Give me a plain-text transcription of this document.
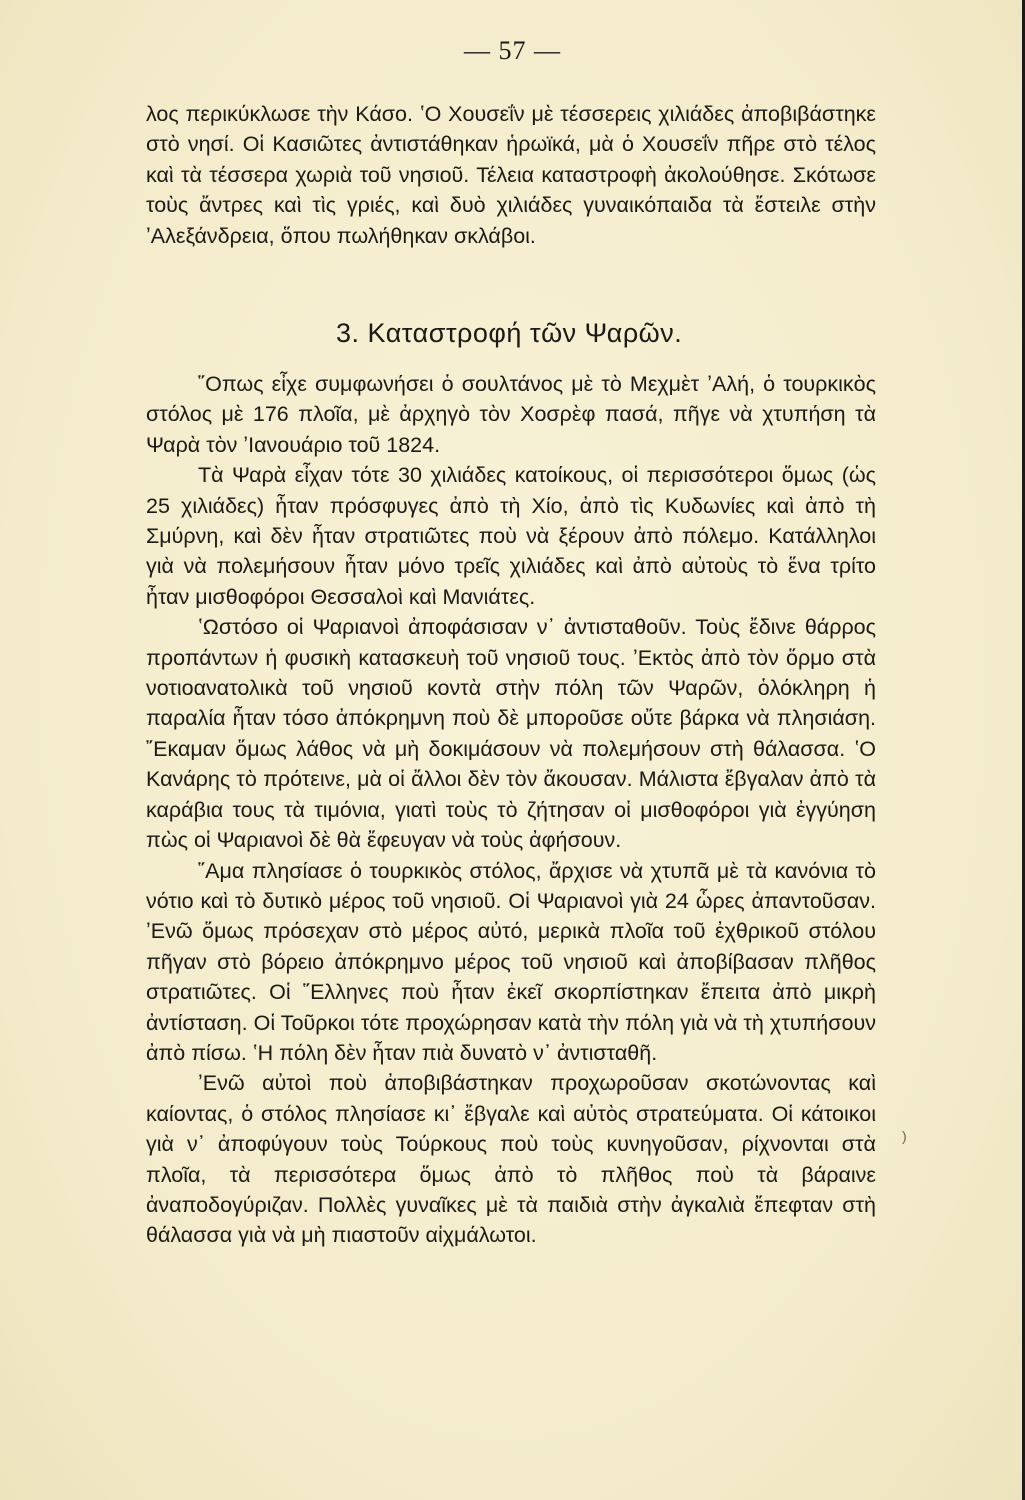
— 57 —

λος περικύκλωσε τὴν Κάσο. ʽΟ Χουσεΐν μὲ τέσσερεις χιλιάδες ἀποβιβάστηκε στὸ νησί. Οἱ Κασιῶτες ἀντιστάθηκαν ἡρωϊκά, μὰ ὁ Χουσεΐν πῆρε στὸ τέλος καὶ τὰ τέσσερα χωριὰ τοῦ νησιοῦ. Τέλεια καταστροφὴ ἀκολούθησε. Σκότωσε τοὺς ἄντρες καὶ τὶς γριές, καὶ δυὸ χιλιάδες γυναικόπαιδα τὰ ἔστειλε στὴν ʼΑλεξάνδρεια, ὅπου πωλήθηκαν σκλάβοι.

3. Καταστροφή τῶν Ψαρῶν.

῞Οπως εἶχε συμφωνήσει ὁ σουλτάνος μὲ τὸ Μεχμὲτ ʼΑλή, ὁ τουρκικὸς στόλος μὲ 176 πλοῖα, μὲ ἀρχηγὸ τὸν Χοσρὲφ πασά, πῆγε νὰ χτυπήση τὰ Ψαρὰ τὸν ʼΙανουάριο τοῦ 1824.

Τὰ Ψαρὰ εἶχαν τότε 30 χιλιάδες κατοίκους, οἱ περισσότεροι ὅμως (ὡς 25 χιλιάδες) ἦταν πρόσφυγες ἀπὸ τὴ Χίο, ἀπὸ τὶς Κυδωνίες καὶ ἀπὸ τὴ Σμύρνη, καὶ δὲν ἦταν στρατιῶτες ποὺ νὰ ξέρουν ἀπὸ πόλεμο. Κατάλληλοι γιὰ νὰ πολεμήσουν ἦταν μόνο τρεῖς χιλιάδες καὶ ἀπὸ αὐτοὺς τὸ ἕνα τρίτο ἦταν μισθοφόροι Θεσσαλοὶ καὶ Μανιάτες.

ʽΩστόσο οἱ Ψαριανοὶ ἀποφάσισαν ν᾿ ἀντισταθοῦν. Τοὺς ἔδινε θάρρος προπάντων ἡ φυσικὴ κατασκευὴ τοῦ νησιοῦ τους. ʼΕκτὸς ἀπὸ τὸν ὅρμο στὰ νοτιοανατολικὰ τοῦ νησιοῦ κοντὰ στὴν πόλη τῶν Ψαρῶν, ὁλόκληρη ἡ παραλία ἦταν τόσο ἀπόκρημνη ποὺ δὲ μποροῦσε οὔτε βάρκα νὰ πλησιάση. ῎Εκαμαν ὅμως λάθος νὰ μὴ δοκιμάσουν νὰ πολεμήσουν στὴ θάλασσα. ʽΟ Κανάρης τὸ πρότεινε, μὰ οἱ ἄλλοι δὲν τὸν ἄκουσαν. Μάλιστα ἔβγαλαν ἀπὸ τὰ καράβια τους τὰ τιμόνια, γιατὶ τοὺς τὸ ζήτησαν οἱ μισθοφόροι γιὰ ἐγγύηση πὼς οἱ Ψαριανοὶ δὲ θὰ ἔφευγαν νὰ τοὺς ἀφήσουν.

῞Αμα πλησίασε ὁ τουρκικὸς στόλος, ἄρχισε νὰ χτυπᾶ μὲ τὰ κανόνια τὸ νότιο καὶ τὸ δυτικὸ μέρος τοῦ νησιοῦ. Οἱ Ψαριανοὶ γιὰ 24 ὧρες ἀπαντοῦσαν. ʼΕνῶ ὅμως πρόσεχαν στὸ μέρος αὐτό, μερικὰ πλοῖα τοῦ ἐχθρικοῦ στόλου πῆγαν στὸ βόρειο ἀπόκρημνο μέρος τοῦ νησιοῦ καὶ ἀποβίβασαν πλῆθος στρατιῶτες. Οἱ ῞Ελληνες ποὺ ἦταν ἐκεῖ σκορπίστηκαν ἔπειτα ἀπὸ μικρὴ ἀντίσταση. Οἱ Τοῦρκοι τότε προχώρησαν κατὰ τὴν πόλη γιὰ νὰ τὴ χτυπήσουν ἀπὸ πίσω. ʽΗ πόλη δὲν ἦταν πιὰ δυνατὸ ν᾿ ἀντισταθῆ.

ʼΕνῶ αὐτοὶ ποὺ ἀποβιβάστηκαν προχωροῦσαν σκοτώνοντας καὶ καίοντας, ὁ στόλος πλησίασε κι᾿ ἔβγαλε καὶ αὐτὸς στρατεύματα. Οἱ κάτοικοι γιὰ ν᾿ ἀποφύγουν τοὺς Τούρκους ποὺ τοὺς κυνηγοῦσαν, ρίχνονται στὰ πλοῖα, τὰ περισσότερα ὅμως ἀπὸ τὸ πλῆθος ποὺ τὰ βάραινε ἀναποδογύριζαν. Πολλὲς γυναῖκες μὲ τὰ παιδιὰ στὴν ἀγκαλιὰ ἔπεφταν στὴ θάλασσα γιὰ νὰ μὴ πιαστοῦν αἰχμάλωτοι.

)
